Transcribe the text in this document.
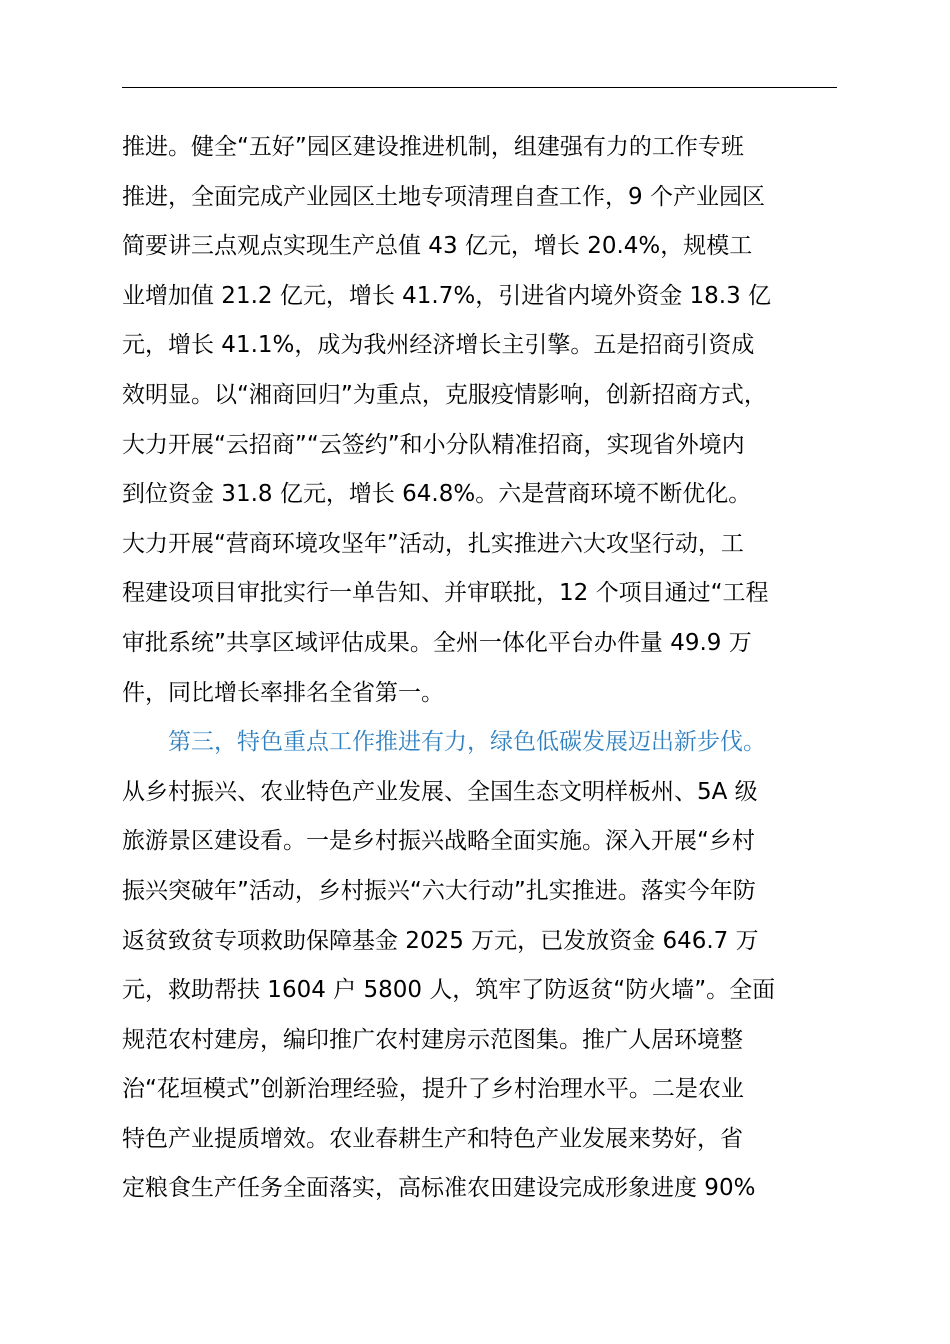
推进。健全“五好”园区建设推进机制，组建强有力的工作专班
推进，全面完成产业园区土地专项清理自查工作，9 个产业园区
简要讲三点观点实现生产总值 43 亿元，增长 20.4%，规模工
业增加值 21.2 亿元，增长 41.7%，引进省内境外资金 18.3 亿
元，增长 41.1%，成为我州经济增长主引擎。五是招商引资成
效明显。以“湘商回归”为重点，克服疫情影响，创新招商方式，
大力开展“云招商”“云签约”和小分队精准招商，实现省外境内
到位资金 31.8 亿元，增长 64.8%。六是营商环境不断优化。
大力开展“营商环境攻坚年”活动，扎实推进六大攻坚行动，工
程建设项目审批实行一单告知、并审联批，12 个项目通过“工程
审批系统”共享区域评估成果。全州一体化平台办件量 49.9 万
件，同比增长率排名全省第一。
　　第三，特色重点工作推进有力，绿色低碳发展迈出新步伐。
从乡村振兴、农业特色产业发展、全国生态文明样板州、5A 级
旅游景区建设看。一是乡村振兴战略全面实施。深入开展“乡村
振兴突破年”活动，乡村振兴“六大行动”扎实推进。落实今年防
返贫致贫专项救助保障基金 2025 万元，已发放资金 646.7 万
元，救助帮扶 1604 户 5800 人，筑牢了防返贫“防火墙”。全面
规范农村建房，编印推广农村建房示范图集。推广人居环境整
治“花垣模式”创新治理经验，提升了乡村治理水平。二是农业
特色产业提质增效。农业春耕生产和特色产业发展来势好，省
定粮食生产任务全面落实，高标准农田建设完成形象进度 90%
